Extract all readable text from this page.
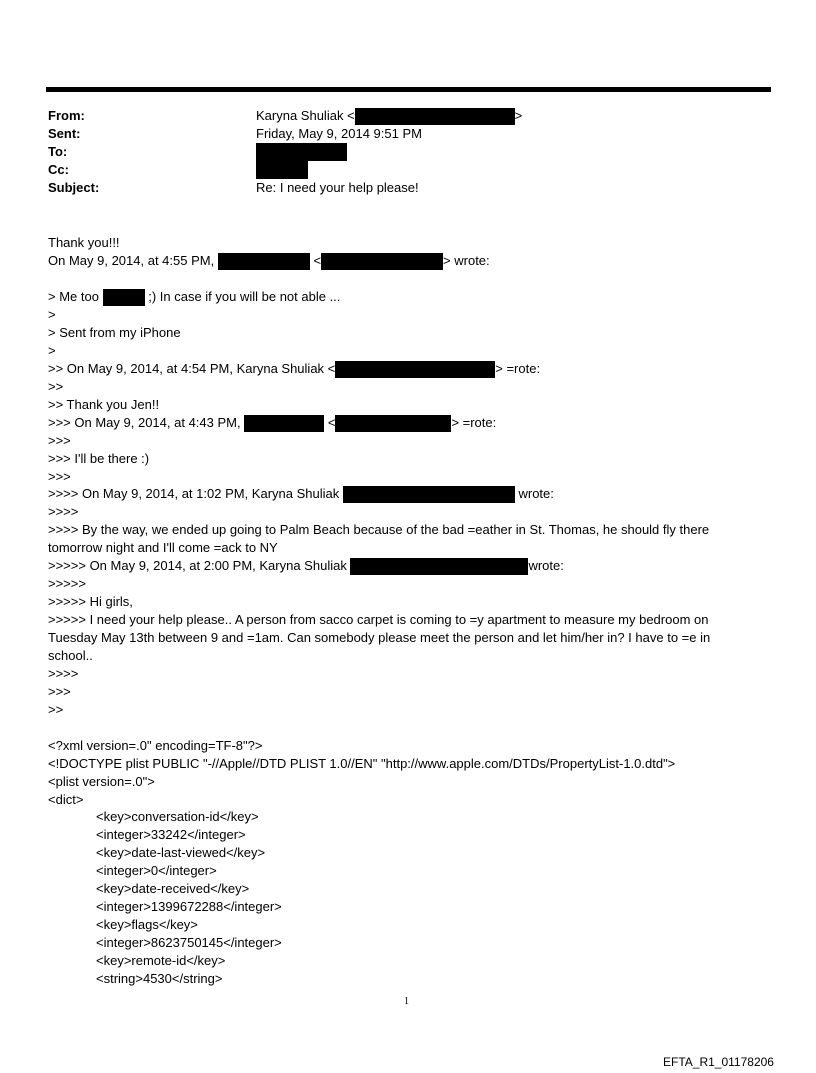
From:	Karyna Shuliak <	>
Sent:	Friday, May 9, 2014 9:51 PM
To:
Cc:
Subject:	Re: I need your help please!
Thank you!!!
On May 9, 2014, at 4:55 PM,	<	> wrote:
> Me too	;) In case if you will be not able ...
>
> Sent from my iPhone
>
>> On May 9, 2014, at 4:54 PM, Karyna Shuliak <	> =rote:
>>
>> Thank you Jen!!
>>> On May 9, 2014, at 4:43 PM,	<	> =rote:
>>>
>>> I'll be there :)
>>>
>>>> On May 9, 2014, at 1:02 PM, Karyna Shuliak	wrote:
>>>>
>>>> By the way, we ended up going to Palm Beach because of the bad =eather in St. Thomas, he should fly there tomorrow night and I'll come =ack to NY
>>>>> On May 9, 2014, at 2:00 PM, Karyna Shuliak	wrote:
>>>>>
>>>>> Hi girls,
>>>>> I need your help please.. A person from sacco carpet is coming to =y apartment to measure my bedroom on Tuesday May 13th between 9 and =1am. Can somebody please meet the person and let him/her in? I have to =e in school..
>>>>
>>>
>>
<?xml version=.0" encoding=TF-8"?>
<!DOCTYPE plist PUBLIC "-//Apple//DTD PLIST 1.0//EN" "http://www.apple.com/DTDs/PropertyList-1.0.dtd">
<plist version=.0">
<dict>
<key>conversation-id</key>
<integer>33242</integer>
<key>date-last-viewed</key>
<integer>0</integer>
<key>date-received</key>
<integer>1399672288</integer>
<key>flags</key>
<integer>8623750145</integer>
<key>remote-id</key>
<string>4530</string>
1
EFTA_R1_01178206
